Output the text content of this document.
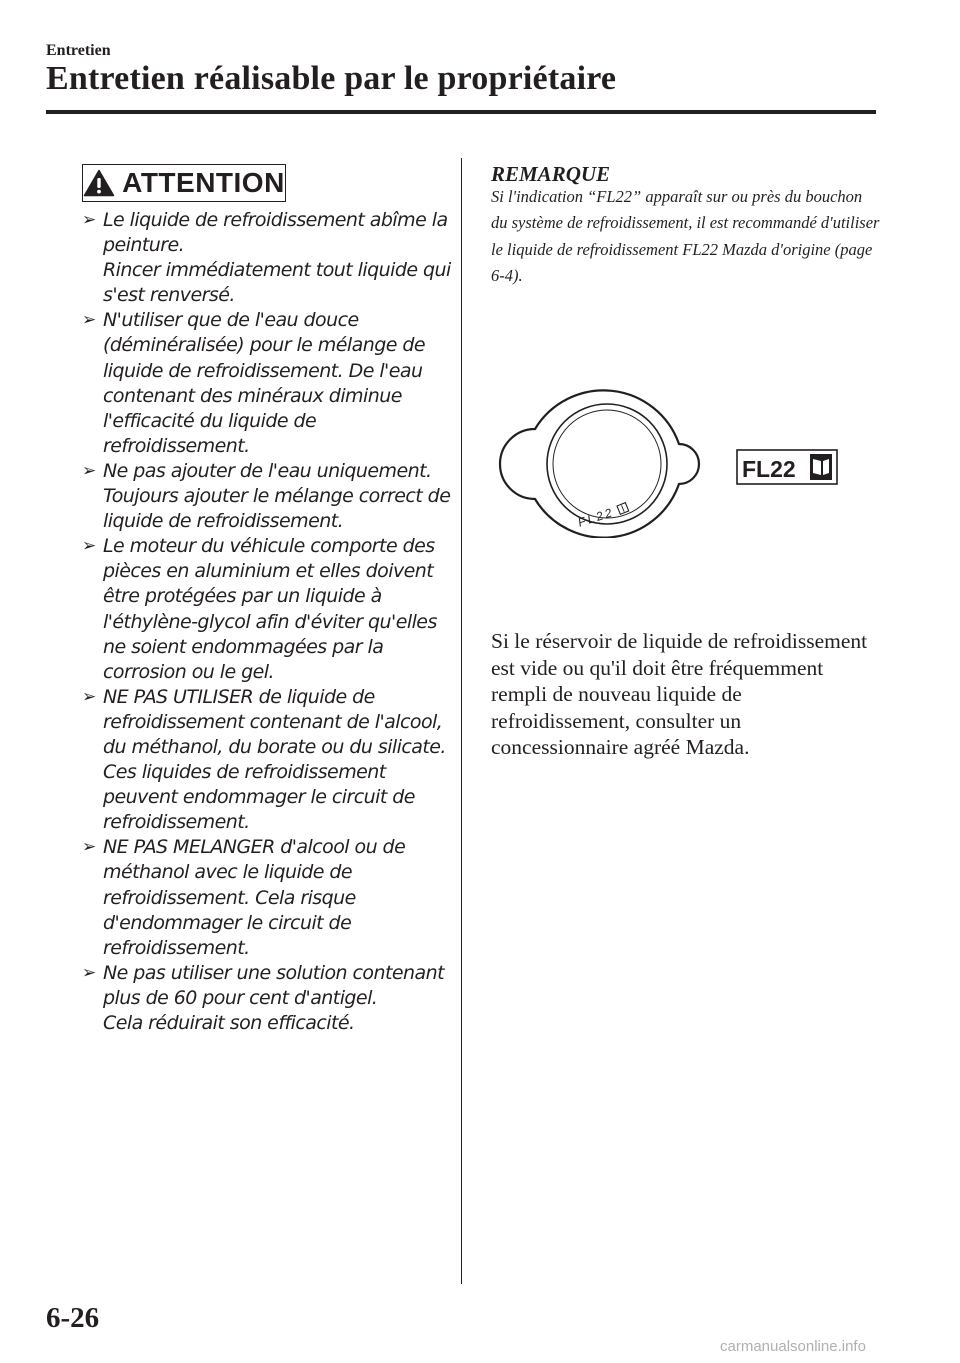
Entretien
Entretien réalisable par le propriétaire
ATTENTION
➢ Le liquide de refroidissement abîme la peinture.

Rincer immédiatement tout liquide qui s'est renversé.

➢ N'utiliser que de l'eau douce (déminéralisée) pour le mélange de liquide de refroidissement. De l'eau contenant des minéraux diminue l'efficacité du liquide de refroidissement.

➢ Ne pas ajouter de l'eau uniquement. Toujours ajouter le mélange correct de liquide de refroidissement.

➢ Le moteur du véhicule comporte des pièces en aluminium et elles doivent être protégées par un liquide à l'éthylène-glycol afin d'éviter qu'elles ne soient endommagées par la corrosion ou le gel.

➢ NE PAS UTILISER de liquide de refroidissement contenant de l'alcool, du méthanol, du borate ou du silicate.

Ces liquides de refroidissement peuvent endommager le circuit de refroidissement.

➢ NE PAS MELANGER d'alcool ou de méthanol avec le liquide de refroidissement. Cela risque d'endommager le circuit de refroidissement.

➢ Ne pas utiliser une solution contenant plus de 60 pour cent d'antigel.

Cela réduirait son efficacité.

REMARQUE

Si l'indication “FL22” apparaît sur ou près du bouchon du système de refroidissement, il est recommandé d'utiliser le liquide de refroidissement FL22 Mazda d'origine (page 6-4).

FL22
FL22

Si le réservoir de liquide de refroidissement est vide ou qu'il doit être fréquemment rempli de nouveau liquide de refroidissement, consulter un concessionnaire agréé Mazda.

6-26
carmanualsonline.info
